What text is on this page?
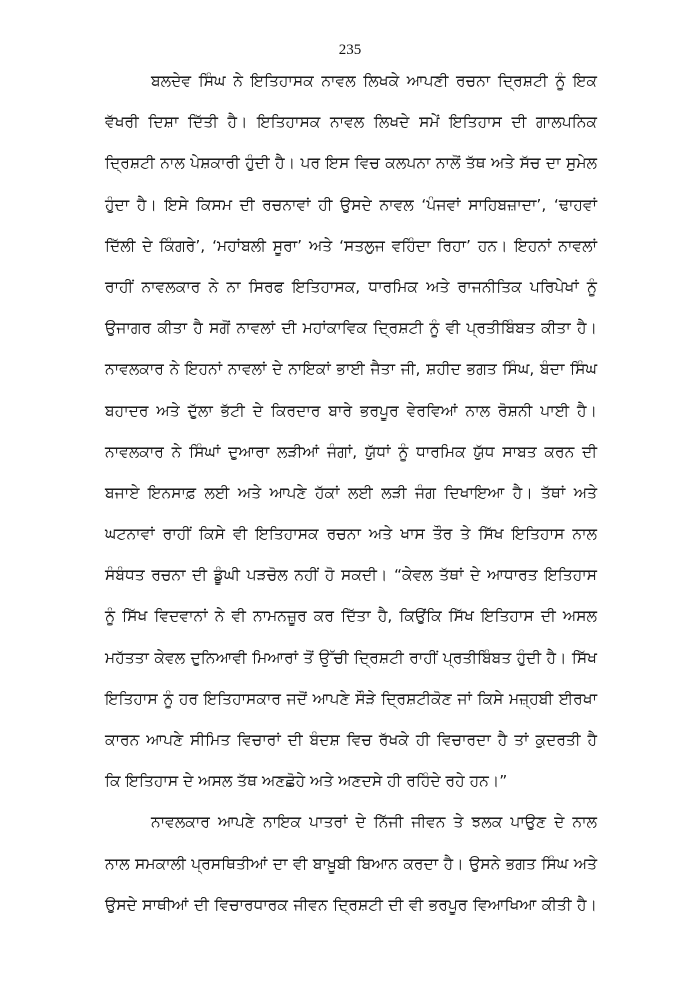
235
ਬਲਦੇਵ ਸਿੰਘ ਨੇ ਇਤਿਹਾਸਕ ਨਾਵਲ ਲਿਖਕੇ ਆਪਣੀ ਰਚਨਾ ਦ੍ਰਿਸ਼ਟੀ ਨੂੰ ਇਕ
ਵੱਖਰੀ ਦਿਸ਼ਾ ਦਿੱਤੀ ਹੈ। ਇਤਿਹਾਸਕ ਨਾਵਲ ਲਿਖਦੇ ਸਮੇਂ ਇਤਿਹਾਸ ਦੀ ਗਾਲਪਨਿਕ
ਦ੍ਰਿਸ਼ਟੀ ਨਾਲ ਪੇਸ਼ਕਾਰੀ ਹੁੰਦੀ ਹੈ। ਪਰ ਇਸ ਵਿਚ ਕਲਪਨਾ ਨਾਲੋਂ ਤੱਥ ਅਤੇ ਸੱਚ ਦਾ ਸੁਮੇਲ
ਹੁੰਦਾ ਹੈ। ਇਸੇ ਕਿਸਮ ਦੀ ਰਚਨਾਵਾਂ ਹੀ ਉਸਦੇ ਨਾਵਲ ‘ਪੰਜਵਾਂ ਸਾਹਿਬਜ਼ਾਦਾ’, ‘ਢਾਹਵਾਂ
ਦਿੱਲੀ ਦੇ ਕਿੰਗਰੇ’, ‘ਮਹਾਂਬਲੀ ਸੂਰਾ’ ਅਤੇ ‘ਸਤਲੁਜ ਵਹਿੰਦਾ ਰਿਹਾ’ ਹਨ। ਇਹਨਾਂ ਨਾਵਲਾਂ
ਰਾਹੀਂ ਨਾਵਲਕਾਰ ਨੇ ਨਾ ਸਿਰਫ ਇਤਿਹਾਸਕ, ਧਾਰਮਿਕ ਅਤੇ ਰਾਜਨੀਤਿਕ ਪਰਿਪੇਖਾਂ ਨੂੰ
ਉਜਾਗਰ ਕੀਤਾ ਹੈ ਸਗੋਂ ਨਾਵਲਾਂ ਦੀ ਮਹਾਂਕਾਵਿਕ ਦ੍ਰਿਸ਼ਟੀ ਨੂੰ ਵੀ ਪ੍ਰਤੀਬਿੰਬਤ ਕੀਤਾ ਹੈ।
ਨਾਵਲਕਾਰ ਨੇ ਇਹਨਾਂ ਨਾਵਲਾਂ ਦੇ ਨਾਇਕਾਂ ਭਾਈ ਜੈਤਾ ਜੀ, ਸ਼ਹੀਦ ਭਗਤ ਸਿੰਘ, ਬੰਦਾ ਸਿੰਘ
ਬਹਾਦਰ ਅਤੇ ਦੁੱਲਾ ਭੱਟੀ ਦੇ ਕਿਰਦਾਰ ਬਾਰੇ ਭਰਪੂਰ ਵੇਰਵਿਆਂ ਨਾਲ ਰੋਸ਼ਨੀ ਪਾਈ ਹੈ।
ਨਾਵਲਕਾਰ ਨੇ ਸਿੰਘਾਂ ਦੁਆਰਾ ਲੜੀਆਂ ਜੰਗਾਂ, ਯੁੱਧਾਂ ਨੂੰ ਧਾਰਮਿਕ ਯੁੱਧ ਸਾਬਤ ਕਰਨ ਦੀ
ਬਜਾਏ ਇਨਸਾਫ਼ ਲਈ ਅਤੇ ਆਪਣੇ ਹੱਕਾਂ ਲਈ ਲੜੀ ਜੰਗ ਦਿਖਾਇਆ ਹੈ। ਤੱਥਾਂ ਅਤੇ
ਘਟਨਾਵਾਂ ਰਾਹੀਂ ਕਿਸੇ ਵੀ ਇਤਿਹਾਸਕ ਰਚਨਾ ਅਤੇ ਖਾਸ ਤੌਰ ਤੇ ਸਿੱਖ ਇਤਿਹਾਸ ਨਾਲ
ਸੰਬੰਧਤ ਰਚਨਾ ਦੀ ਡੂੰਘੀ ਪੜਚੋਲ ਨਹੀਂ ਹੋ ਸਕਦੀ। “ਕੇਵਲ ਤੱਥਾਂ ਦੇ ਆਧਾਰਤ ਇਤਿਹਾਸ
ਨੂੰ ਸਿੱਖ ਵਿਦਵਾਨਾਂ ਨੇ ਵੀ ਨਾਮਨਜ਼ੂਰ ਕਰ ਦਿੱਤਾ ਹੈ, ਕਿਉਂਕਿ ਸਿੱਖ ਇਤਿਹਾਸ ਦੀ ਅਸਲ
ਮਹੱਤਤਾ ਕੇਵਲ ਦੁਨਿਆਵੀ ਮਿਆਰਾਂ ਤੋਂ ਉੱਚੀ ਦ੍ਰਿਸ਼ਟੀ ਰਾਹੀਂ ਪ੍ਰਤੀਬਿੰਬਤ ਹੁੰਦੀ ਹੈ। ਸਿੱਖ
ਇਤਿਹਾਸ ਨੂੰ ਹਰ ਇਤਿਹਾਸਕਾਰ ਜਦੋਂ ਆਪਣੇ ਸੌੜੇ ਦ੍ਰਿਸ਼ਟੀਕੋਣ ਜਾਂ ਕਿਸੇ ਮਜ਼੍ਹਬੀ ਈਰਖਾ
ਕਾਰਨ ਆਪਣੇ ਸੀਮਿਤ ਵਿਚਾਰਾਂ ਦੀ ਬੰਦਸ਼ ਵਿਚ ਰੱਖਕੇ ਹੀ ਵਿਚਾਰਦਾ ਹੈ ਤਾਂ ਕੁਦਰਤੀ ਹੈ
ਕਿ ਇਤਿਹਾਸ ਦੇ ਅਸਲ ਤੱਥ ਅਣਛੋਹੇ ਅਤੇ ਅਣਦਸੇ ਹੀ ਰਹਿੰਦੇ ਰਹੇ ਹਨ।”
ਨਾਵਲਕਾਰ ਆਪਣੇ ਨਾਇਕ ਪਾਤਰਾਂ ਦੇ ਨਿੱਜੀ ਜੀਵਨ ਤੇ ਝਲਕ ਪਾਉਣ ਦੇ ਨਾਲ
ਨਾਲ ਸਮਕਾਲੀ ਪ੍ਰਸਥਿਤੀਆਂ ਦਾ ਵੀ ਬਾਖ਼ੂਬੀ ਬਿਆਨ ਕਰਦਾ ਹੈ। ਉਸਨੇ ਭਗਤ ਸਿੰਘ ਅਤੇ
ਉਸਦੇ ਸਾਥੀਆਂ ਦੀ ਵਿਚਾਰਧਾਰਕ ਜੀਵਨ ਦ੍ਰਿਸ਼ਟੀ ਦੀ ਵੀ ਭਰਪੂਰ ਵਿਆਖਿਆ ਕੀਤੀ ਹੈ।
